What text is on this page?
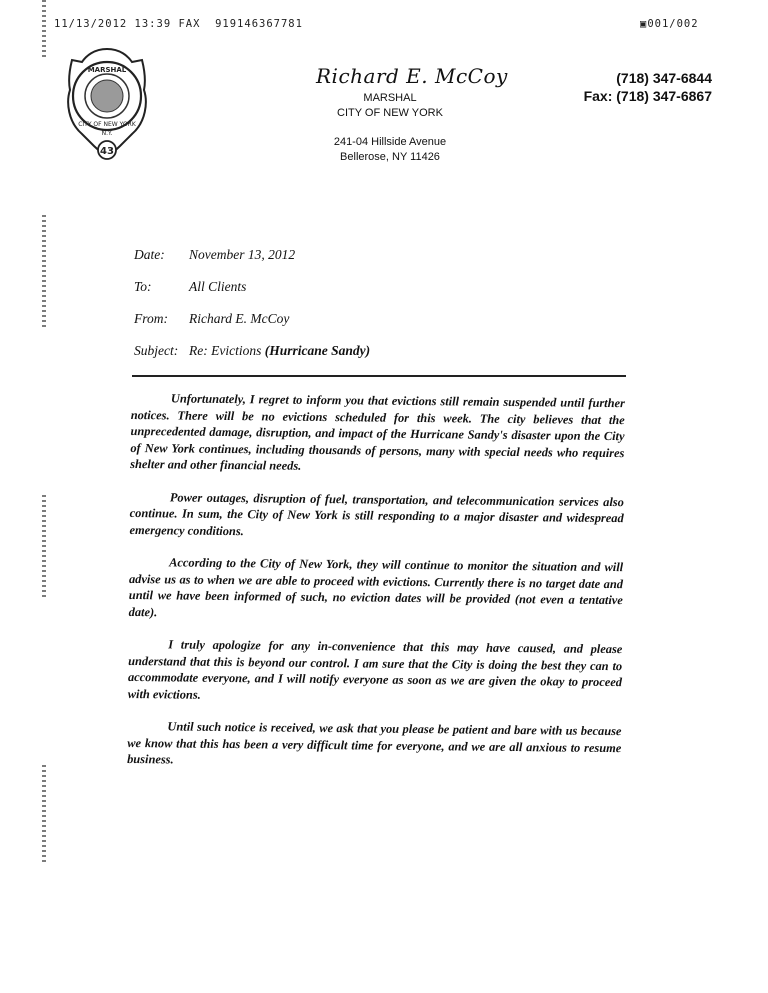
11/13/2012 13:39 FAX 919146367781	▣001/002
MARSHAL
CITY OF NEW YORK
N.Y.
43
Richard E. McCoy
MARSHAL
CITY OF NEW YORK
241-04 Hillside Avenue
Bellerose, NY 11426
(718) 347-6844
Fax: (718) 347-6867
Date: November 13, 2012
To:	All Clients
From: Richard E. McCoy
Subject: Re: Evictions (Hurricane Sandy)

Unfortunately, I regret to inform you that evictions still remain suspended until further notices. There will be no evictions scheduled for this week. The city believes that the unprecedented damage, disruption, and impact of the Hurricane Sandy's disaster upon the City of New York continues, including thousands of persons, many with special needs who requires shelter and other financial needs.

Power outages, disruption of fuel, transportation, and telecommunication services also continue. In sum, the City of New York is still responding to a major disaster and widespread emergency conditions.

According to the City of New York, they will continue to monitor the situation and will advise us as to when we are able to proceed with evictions. Currently there is no target date and until we have been informed of such, no eviction dates will be provided (not even a tentative date).

I truly apologize for any in-convenience that this may have caused, and please understand that this is beyond our control. I am sure that the City is doing the best they can to accommodate everyone, and I will notify everyone as soon as we are given the okay to proceed with evictions.

Until such notice is received, we ask that you please be patient and bare with us because we know that this has been a very difficult time for everyone, and we are all anxious to resume business.
